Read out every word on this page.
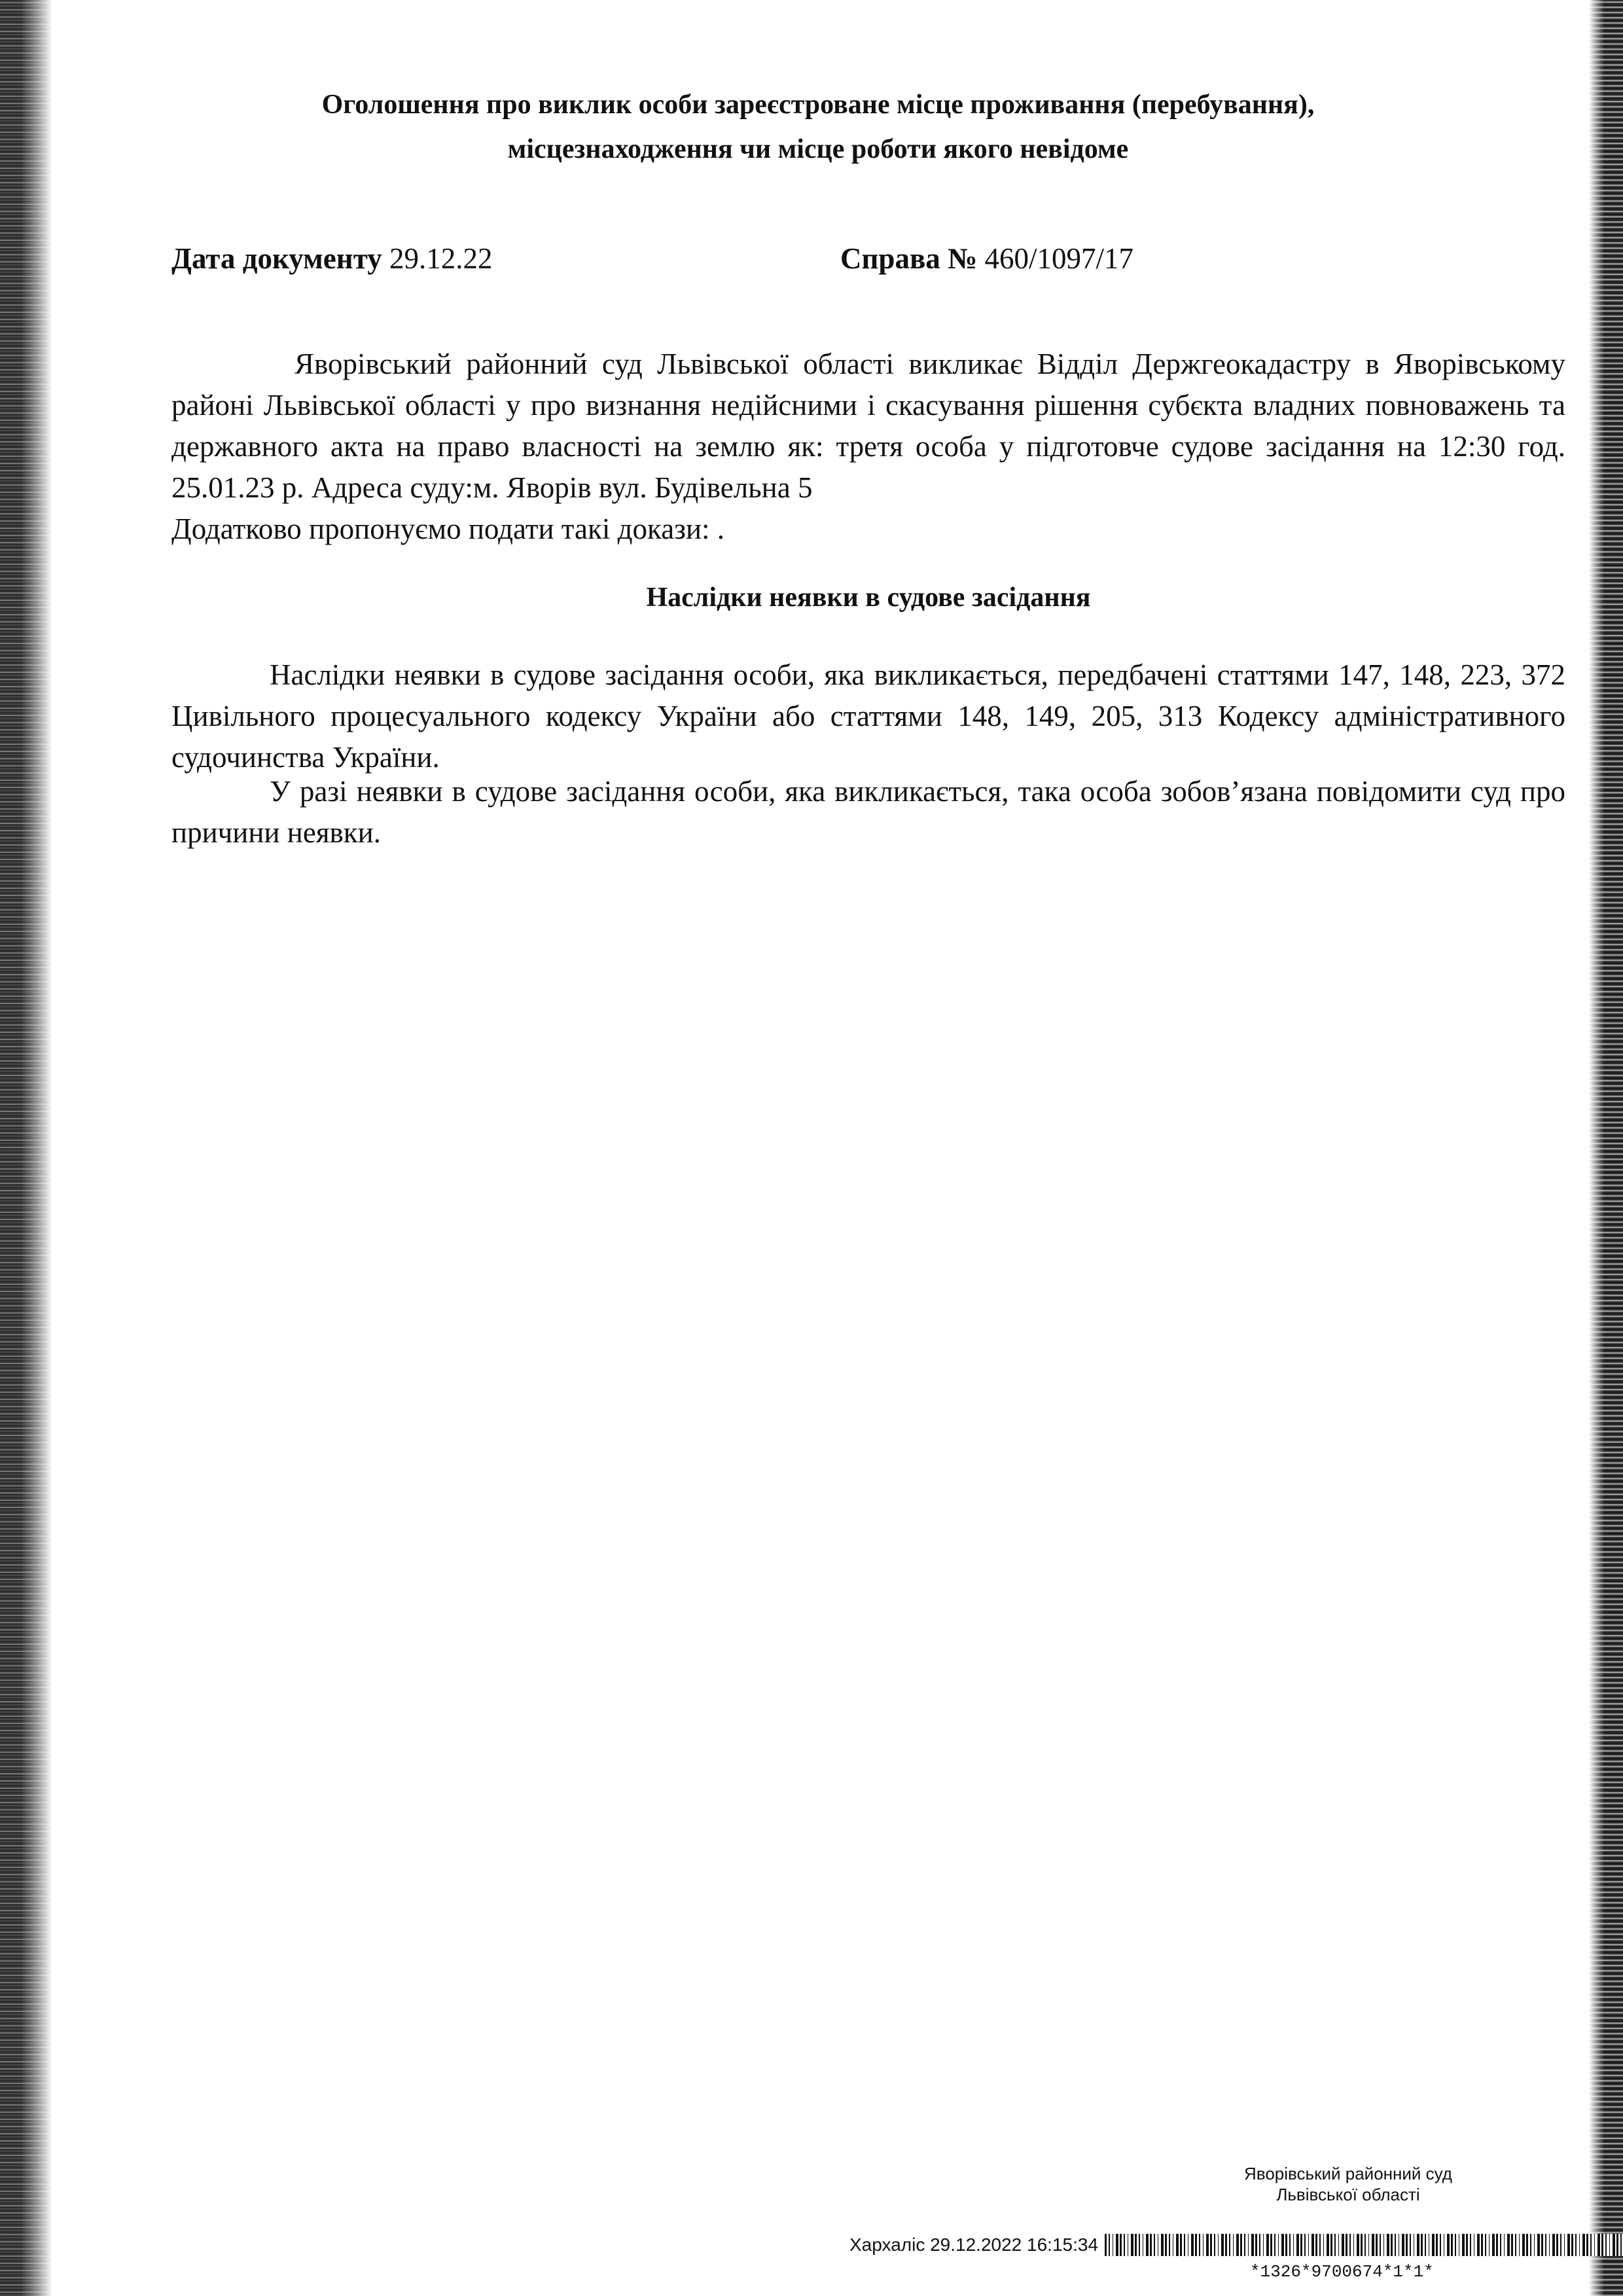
Оголошення про виклик особи зареєстроване місце проживання (перебування),
місцезнаходження чи місце роботи якого невідоме
Дата документу 29.12.22	Справа № 460/1097/17

Яворівський районний суд Львівської області викликає Відділ Держгеокадастру в Яворівському районі Львівської області у про визнання недійсними і скасування рішення субєкта владних повноважень та державного акта на право власності на землю як: третя особа у підготовче судове засідання на 12:30 год. 25.01.23 р. Адреса суду:м. Яворів вул. Будівельна 5

Додатково пропонуємо подати такі докази: .

Наслідки неявки в судове засідання

Наслідки неявки в судове засідання особи, яка викликається, передбачені статтями 147, 148, 223, 372 Цивільного процесуального кодексу України або статтями 148, 149, 205, 313 Кодексу адміністративного судочинства України.

У разі неявки в судове засідання особи, яка викликається, така особа зобов’язана повідомити суд про причини неявки.

Яворівський районний суд
Львівської області
Хархаліс 29.12.2022 16:15:34
*1326*9700674*1*1*
